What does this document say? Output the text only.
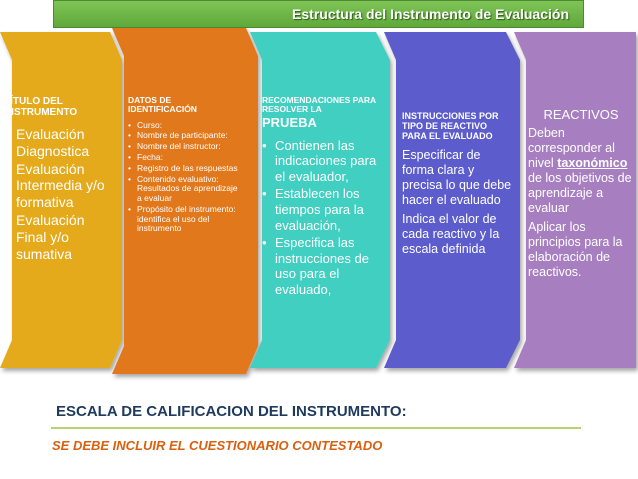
Estructura del Instrumento de Evaluación
TÍTULO DEL INSTRUMENTO
• Evaluación Diagnostica
• Evaluación Intermedia y/o formativa
• Evaluación Final y/o sumativa
DATOS DE IDENTIFICACIÓN
• Curso:
• Nombre de participante:
• Nombre del instructor:
• Fecha:
• Registro de las respuestas
• Contenido evaluativo: Resultados de aprendizaje a evaluar
• Propósito del instrumento: identifica el uso del instrumento
RECOMENDACIONES PARA RESOLVER LA
PRUEBA
• Contienen las indicaciones para el evaluador,
• Establecen los tiempos para la evaluación,
• Especifica las instrucciones de uso para el evaluado,
INSTRUCCIONES POR TIPO DE REACTIVO PARA EL EVALUADO

Especificar de forma clara y precisa lo que debe hacer el evaluado

Indica el valor de cada reactivo y la escala definida

REACTIVOS

Deben corresponder al nivel taxonómico de los objetivos de aprendizaje a evaluar

Aplicar los principios para la elaboración de reactivos.

ESCALA DE CALIFICACION DEL INSTRUMENTO:
SE DEBE INCLUIR EL CUESTIONARIO CONTESTADO
